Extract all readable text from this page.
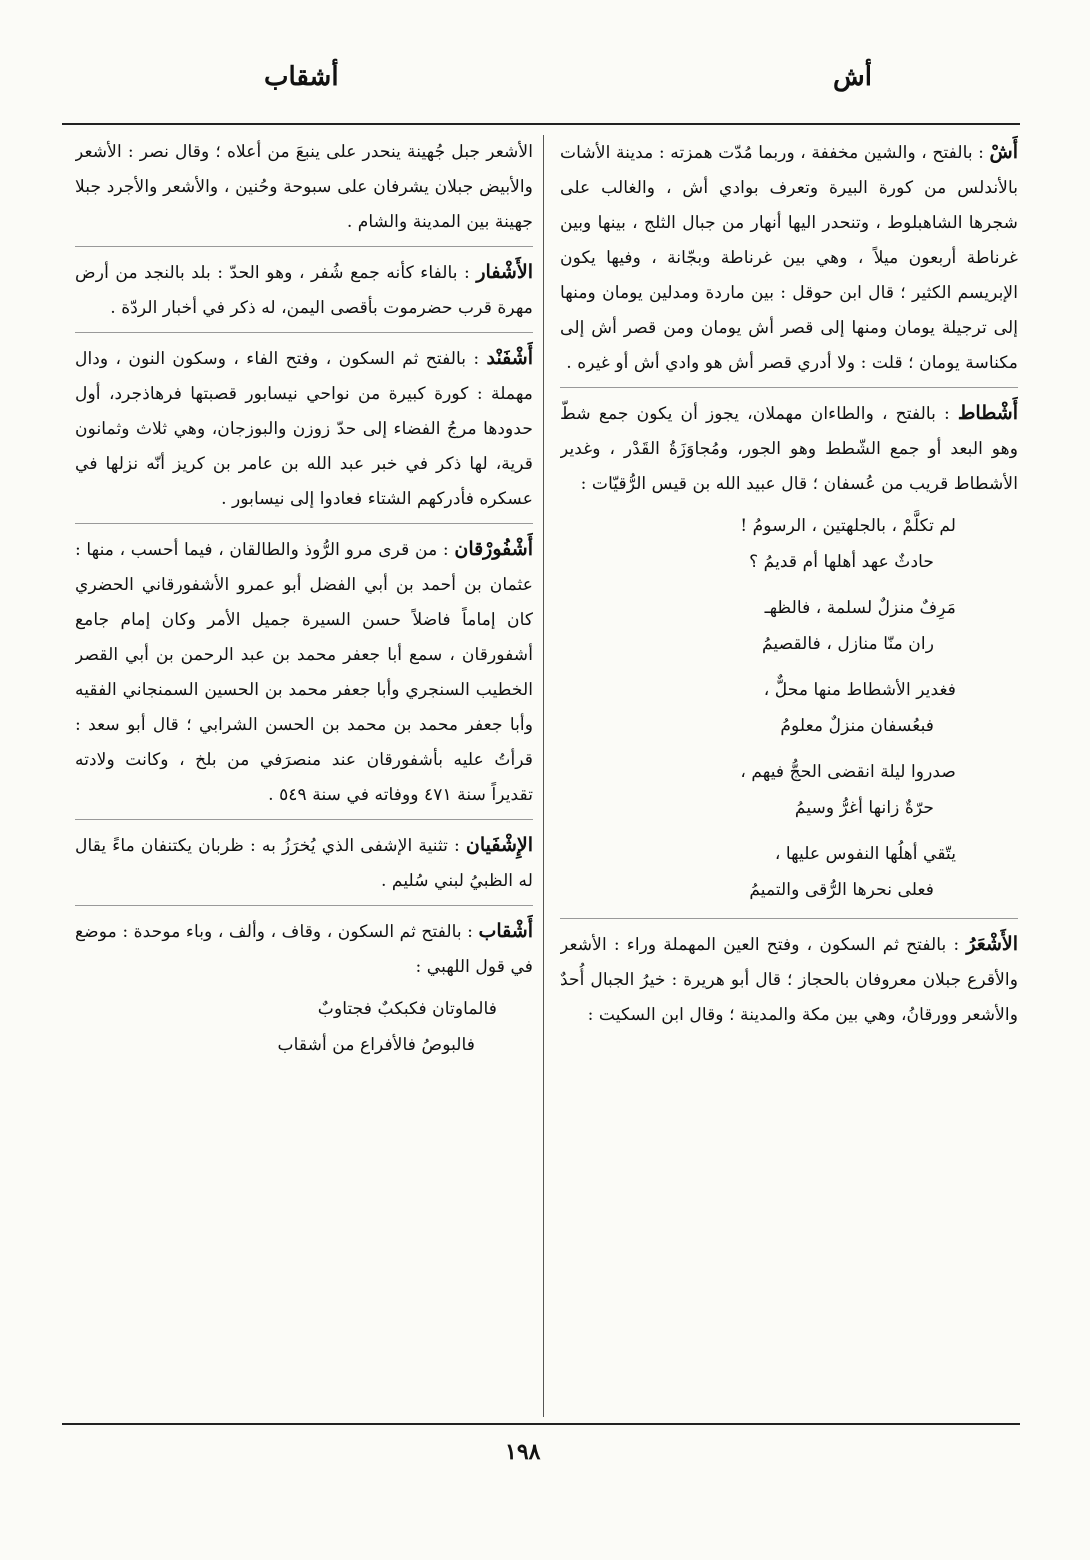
أش
أشقاب
أَشْ : بالفتح ، والشين مخففة ، وربما مُدّت همزته : مدينة الأشات بالأندلس من كورة البيرة وتعرف بوادي أش ، والغالب على شجرها الشاهبلوط ، وتنحدر اليها أنهار من جبال الثلج ، بينها وبين غرناطة أربعون ميلاً ، وهي بين غرناطة وبجّانة ، وفيها يكون الإبريسم الكثير ؛ قال ابن حوقل : بين ماردة ومدلين يومان ومنها إلى ترجيلة يومان ومنها إلى قصر أش يومان ومن قصر أش إلى مكناسة يومان ؛ قلت : ولا أدري قصر أش هو وادي أش أو غيره .
أَشْطاط : بالفتح ، والطاءان مهملان، يجوز أن يكون جمع شطّ وهو البعد أو جمع الشّطط وهو الجور، ومُجاوَزَةُ القَدْر ، وغدير الأشطاط قريب من عُسفان ؛ قال عبيد الله بن قيس الرُّقيّات :

لم تكلَّمْ ، بالجلهتين ، الرسومُ !

حادثٌ عهد أهلها أم قديمُ ؟

مَرِفٌ منزلٌ لسلمة ، فالظهـ

ران منّا منازل ، فالقصيمُ

فغدير الأشطاط منها محلٌّ ،

فبعُسفان منزلٌ معلومُ

صدروا ليلة انقضى الحجُّ فيهم ،

حرّةٌ زانها أغرُّ وسيمُ

يتّقي أهلُها النفوس عليها ،

فعلى نحرها الرُّقى والتميمُ

الأَشْعَرُ : بالفتح ثم السكون ، وفتح العين المهملة وراء : الأشعر والأقرع جبلان معروفان بالحجاز ؛ قال أبو هريرة : خيرُ الجبال أُحدٌ والأشعر وورقانُ، وهي بين مكة والمدينة ؛ وقال ابن السكيت :
الأشعر جبل جُهينة ينحدر على ينبعَ من أعلاه ؛ وقال نصر : الأشعر والأبيض جبلان يشرفان على سبوحة وحُنين ، والأشعر والأجرد جبلا جهينة بين المدينة والشام .
الأَشْفار : بالفاء كأنه جمع شُفر ، وهو الحدّ : بلد بالنجد من أرض مهرة قرب حضرموت بأقصى اليمن، له ذكر في أخبار الردّة .
أَشْفَنْد : بالفتح ثم السكون ، وفتح الفاء ، وسكون النون ، ودال مهملة : كورة كبيرة من نواحي نيسابور قصبتها فرهاذجرد، أول حدودها مرجُ الفضاء إلى حدّ زوزن والبوزجان، وهي ثلاث وثمانون قرية، لها ذكر في خبر عبد الله بن عامر بن كريز أنّه نزلها في عسكره فأدركهم الشتاء فعادوا إلى نيسابور .
أَشْفُورْقان : من قرى مرو الرُّوذ والطالقان ، فيما أحسب ، منها : عثمان بن أحمد بن أبي الفضل أبو عمرو الأشفورقاني الحضري كان إماماً فاضلاً حسن السيرة جميل الأمر وكان إمام جامع أشفورقان ، سمع أبا جعفر محمد بن عبد الرحمن بن أبي القصر الخطيب السنجري وأبا جعفر محمد بن الحسين السمنجاني الفقيه وأبا جعفر محمد بن محمد بن الحسن الشرابي ؛ قال أبو سعد : قرأتُ عليه بأشفورقان عند منصرَفي من بلخ ، وكانت ولادته تقديراً سنة ٤٧١ ووفاته في سنة ٥٤٩ .
الإِشْفَيان : تثنية الإشفى الذي يُخرَزُ به : ظربان يكتنفان ماءً يقال له الظبيُ لبني سُليم .
أَشْقاب : بالفتح ثم السكون ، وقاف ، وألف ، وباء موحدة : موضع في قول اللهبي :

فالماوتان فكبكبٌ فجتاوبٌ

فالبوصُ فالأفراع من أشقاب

١٩٨
